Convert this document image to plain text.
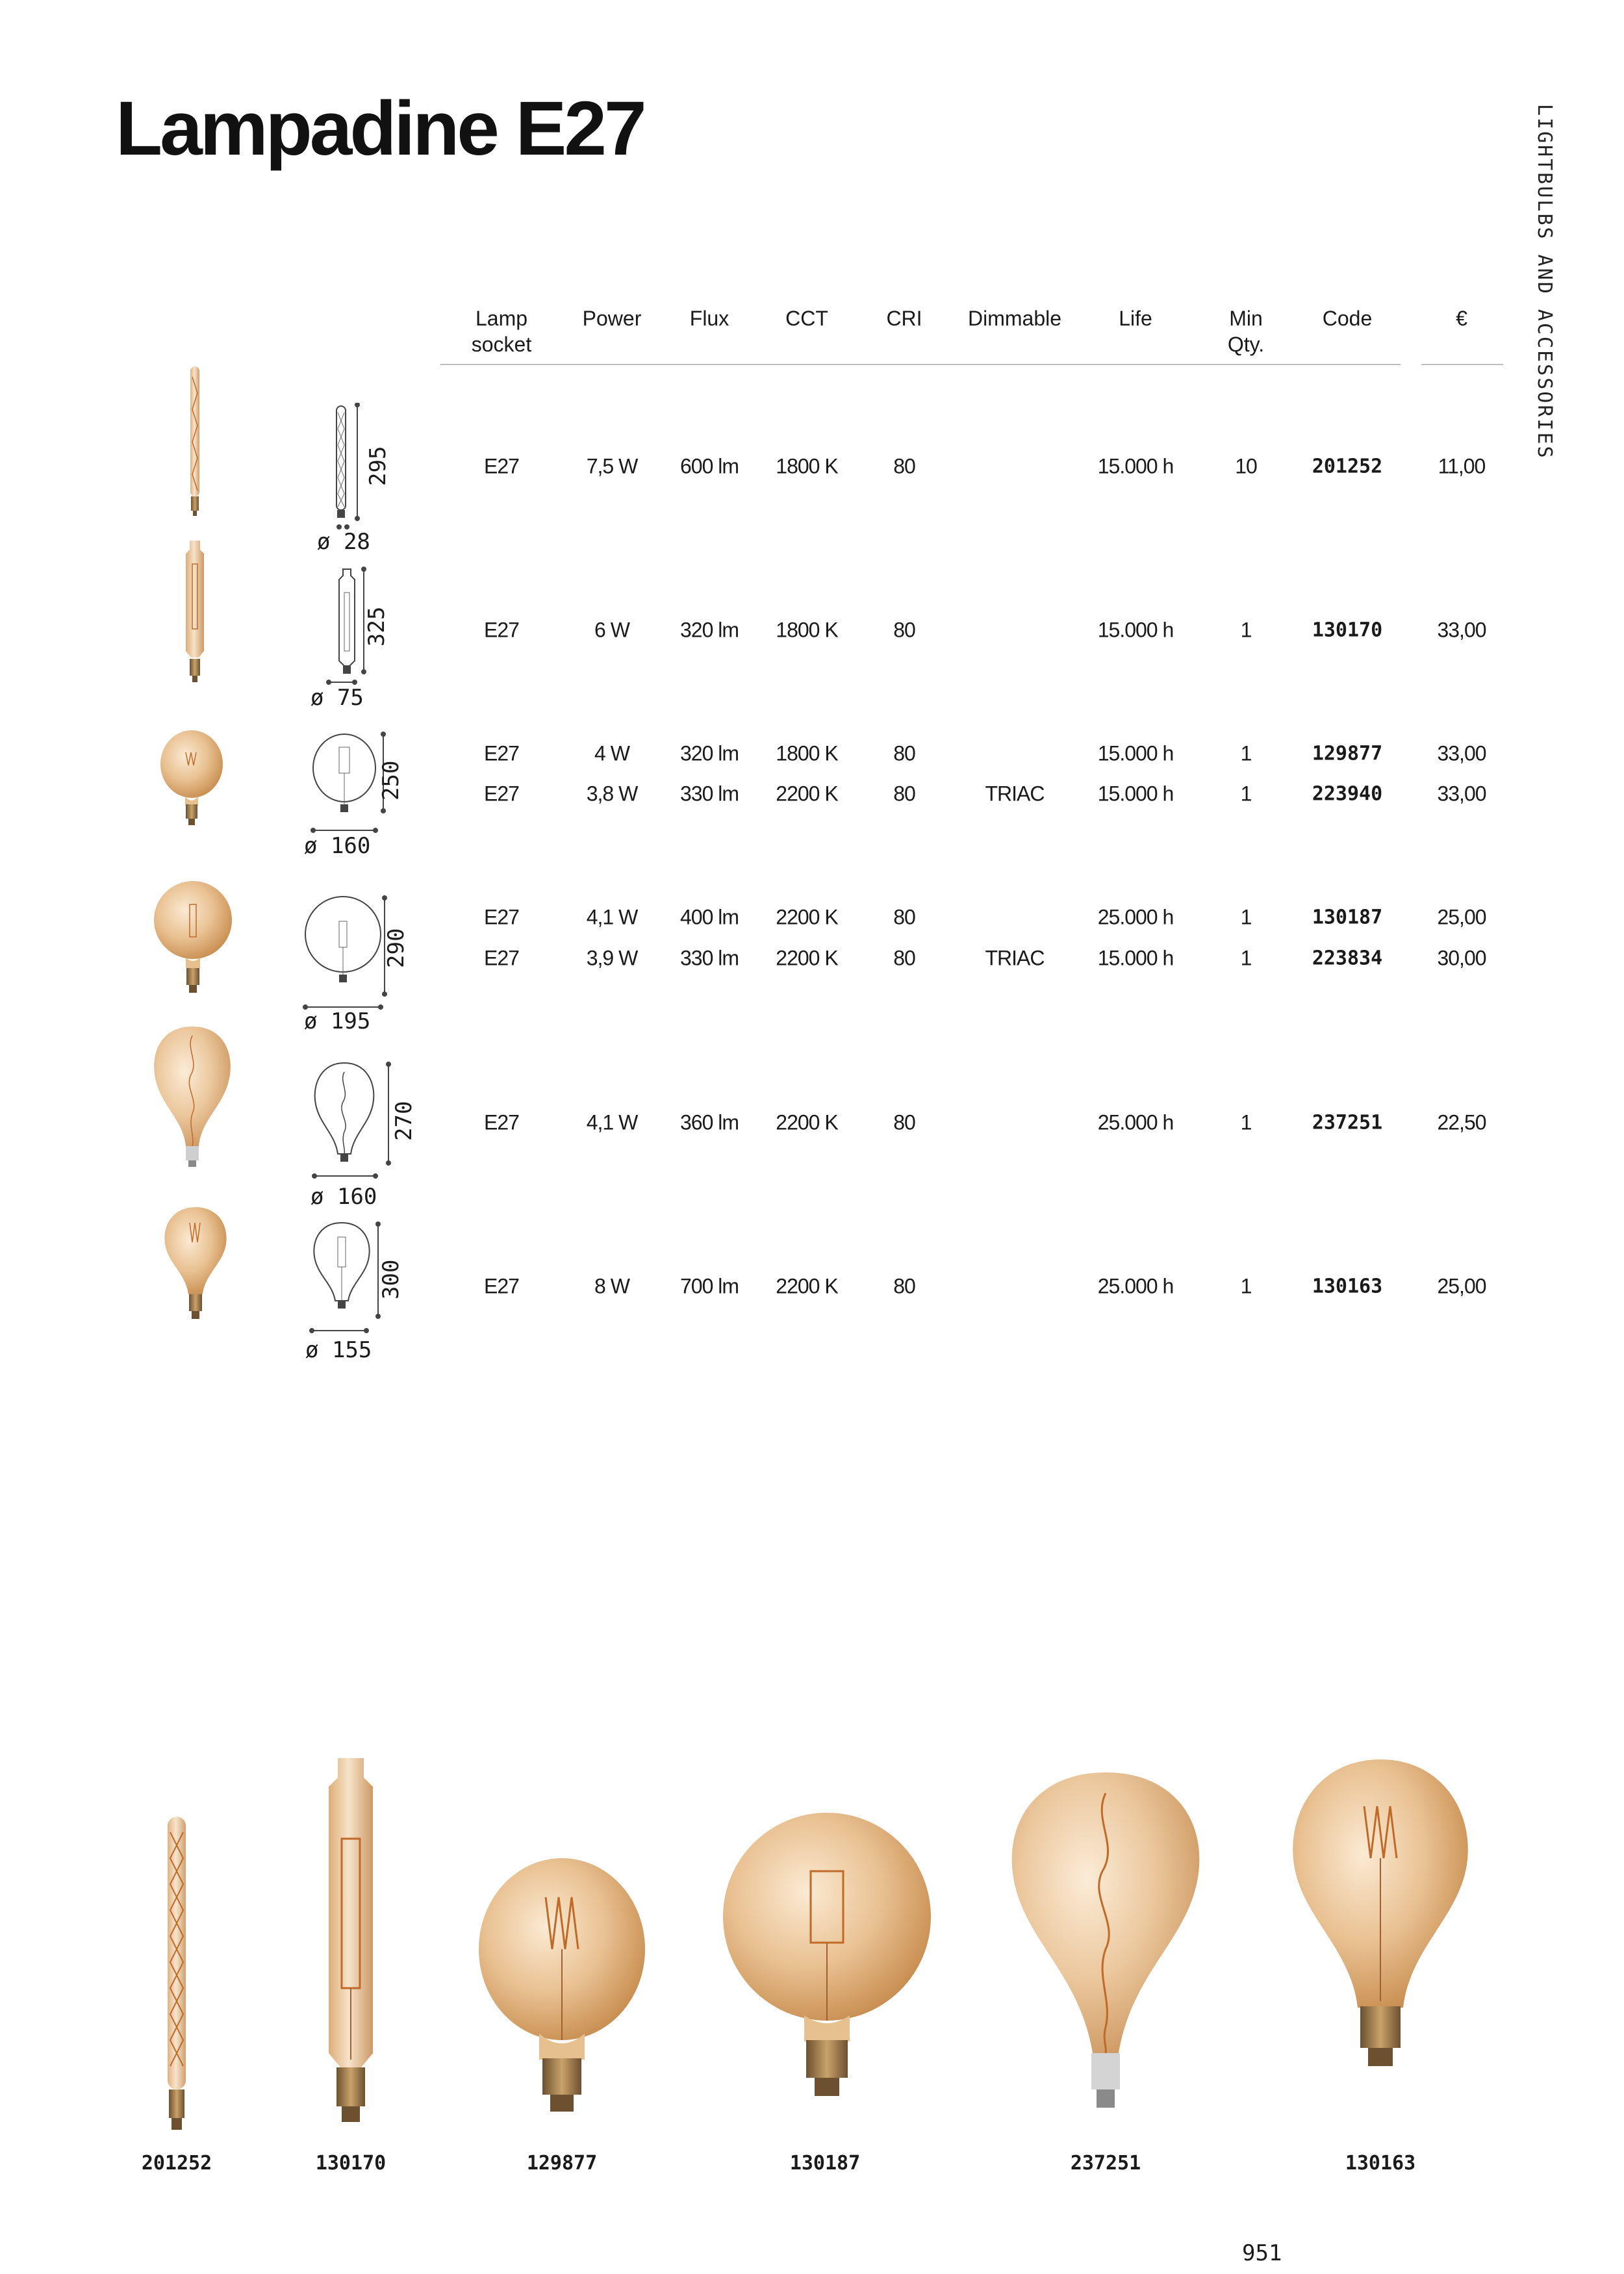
Lampadine E27	LIGHTBULBS AND ACCESSORIES
Lamp socket
Power Flux	CCT	CRI Dimmable	Life	Min Qty.
Code	€
E27	7,5 W 600 lm 1800 K	80	15.000 h	10	201252	11,00
E27	6 W 320 lm 1800 K	80	15.000 h	1	130170	33,00
E27	4 W 320 lm 1800 K	80	15.000 h	1	129877	33,00
E27	3,8 W 330 lm 2200 K	80	TRIAC	15.000 h	1	223940	33,00
E27	4,1 W 400 lm 2200 K	80	25.000 h	1	130187	25,00
E27	3,9 W 330 lm 2200 K	80	TRIAC	15.000 h	1	223834	30,00
E27	4,1 W 360 lm 2200 K	80	25.000 h	1	237251	22,50
E27	8 W 700 lm 2200 K	80	25.000 h	1	130163	25,00
295
ø 28
325
ø 75
250
ø 160
290
ø 195
270
ø 160
300
ø 155
201252	130170	129877	130187	237251	130163
951
